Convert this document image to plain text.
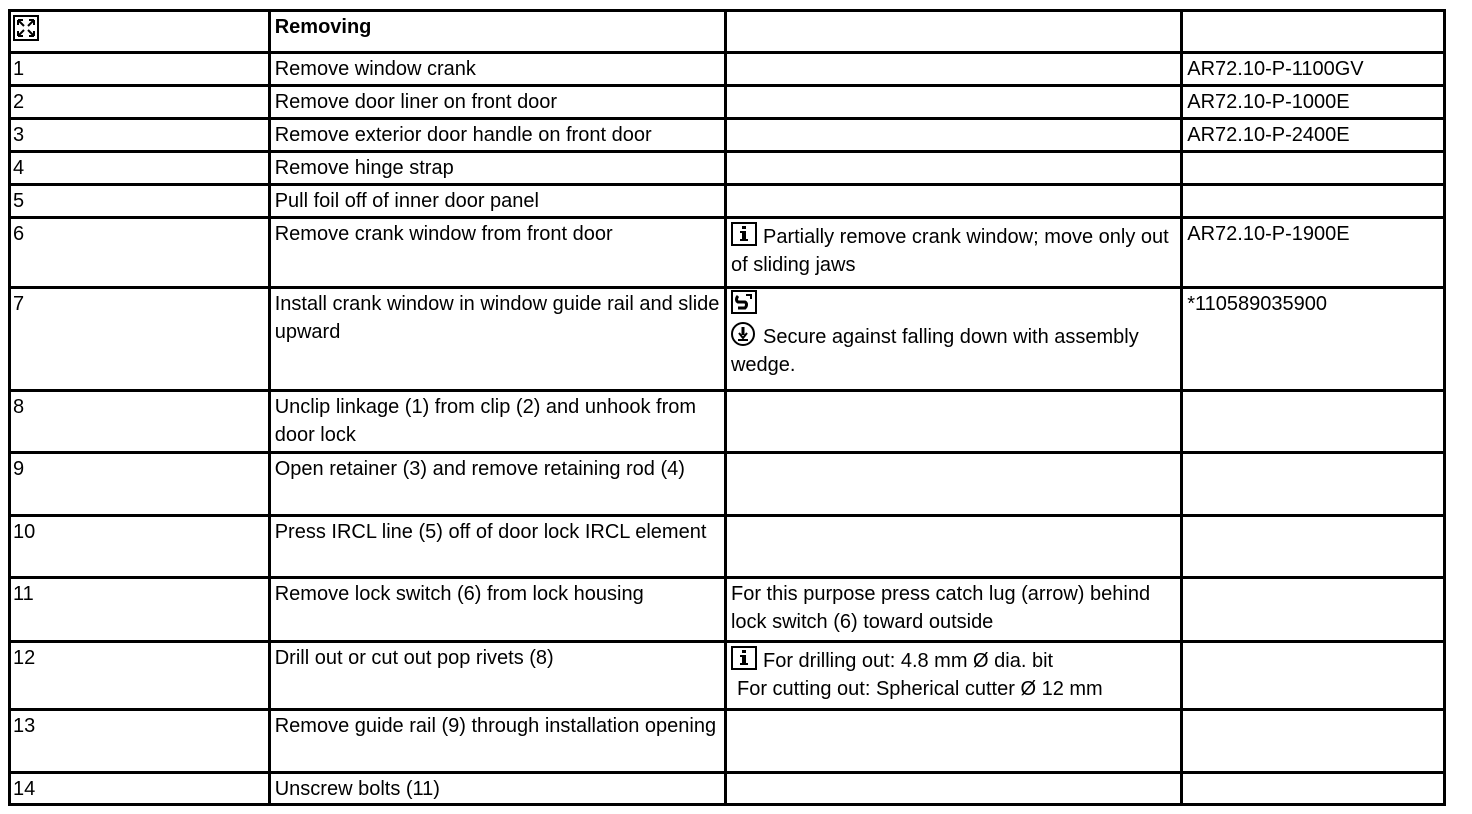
	Removing		
1	Remove window crank		AR72.10-P-1100GV
2	Remove door liner on front door		AR72.10-P-1000E
3	Remove exterior door handle on front door		AR72.10-P-2400E
4	Remove hinge strap		
5	Pull foil off of inner door panel		
6	Remove crank window from front door	Partially remove crank window; move only out of sliding jaws	AR72.10-P-1900E
7	Install crank window in window guide rail and slide upward	Secure against falling down with assembly wedge.	*110589035900
8	Unclip linkage (1) from clip (2) and unhook from door lock		
9	Open retainer (3) and remove retaining rod (4)		
10	Press IRCL line (5) off of door lock IRCL element		
11	Remove lock switch (6) from lock housing	For this purpose press catch lug (arrow) behind lock switch (6) toward outside	
12	Drill out or cut out pop rivets (8)	For drilling out: 4.8 mm Ø dia. bit
For cutting out: Spherical cutter Ø 12 mm	

13	Remove guide rail (9) through installation opening		
14	Unscrew bolts (11)		
